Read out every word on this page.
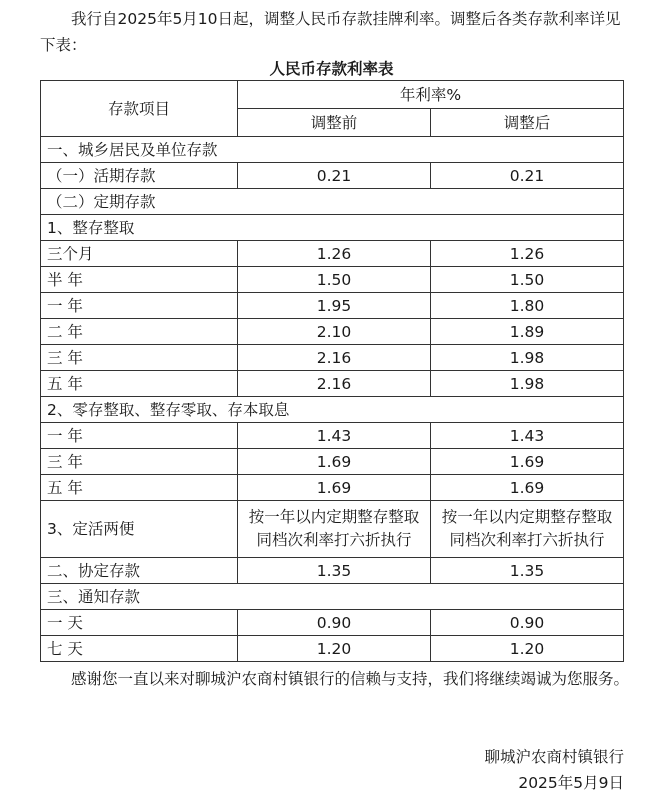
我行自2025年5月10日起，调整人民币存款挂牌利率。调整后各类存款利率详见下表：

人民币存款利率表
存款项目	年利率%	
	调整前	调整后
一、城乡居民及单位存款		
（一）活期存款	0.21	0.21
（二）定期存款		
1、整存整取		
三个月	1.26	1.26
半 年	1.50	1.50
一 年	1.95	1.80
二 年	2.10	1.89
三 年	2.16	1.98
五 年	2.16	1.98
2、零存整取、整存零取、存本取息		
一 年	1.43	1.43
三 年	1.69	1.69
五 年	1.69	1.69
3、定活两便	按一年以内定期整存整取同档次利率打六折执行	按一年以内定期整存整取同档次利率打六折执行
二、协定存款	1.35	1.35
三、通知存款		
一 天	0.90	0.90
七 天	1.20	1.20

感谢您一直以来对聊城沪农商村镇银行的信赖与支持，我们将继续竭诚为您服务。

聊城沪农商村镇银行
2025年5月9日
